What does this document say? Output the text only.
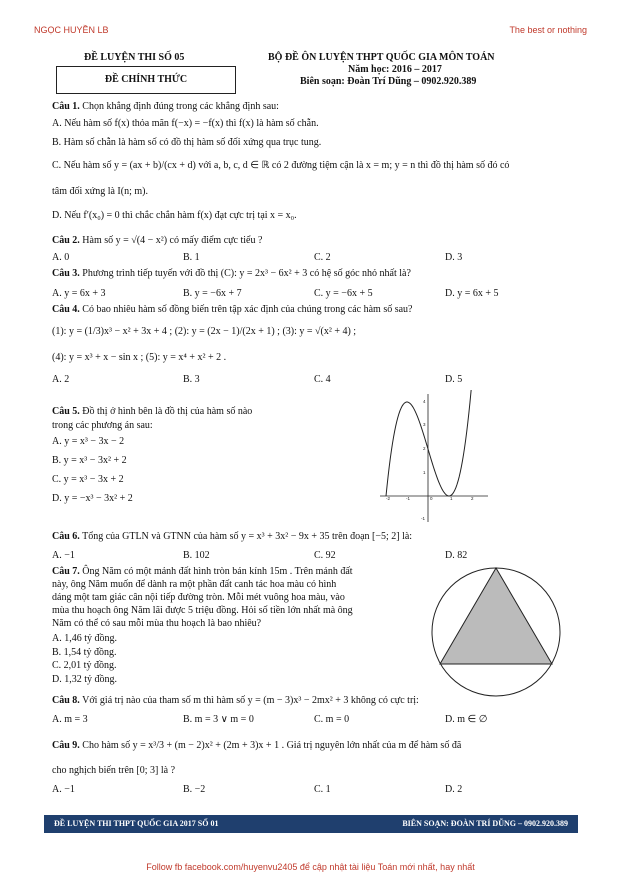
NGỌC HUYỀN LB	The best or nothing
ĐỀ LUYỆN THI SỐ 05
ĐỀ CHÍNH THỨC
BỘ ĐỀ ÔN LUYỆN THPT QUỐC GIA MÔN TOÁN
Năm học: 2016 – 2017
Biên soạn: Đoàn Trí Dũng – 0902.920.389
Câu 1. Chọn khẳng định đúng trong các khẳng định sau:
A. Nếu hàm số f(x) thỏa mãn f(−x) = −f(x) thì f(x) là hàm số chẵn.
B. Hàm số chẵn là hàm số có đồ thị hàm số đối xứng qua trục tung.
C. Nếu hàm số y = (ax + b)/(cx + d) với a, b, c, d ∈ ℝ có 2 đường tiệm cận là x = m; y = n thì đồ thị hàm số đó có
tâm đối xứng là I(n; m).
D. Nếu f′(x₀) = 0 thì chắc chắn hàm f(x) đạt cực trị tại x = x₀.
Câu 2. Hàm số y = √(4 − x²) có mấy điểm cực tiểu ?
A. 0	B. 1	C. 2	D. 3
Câu 3. Phương trình tiếp tuyến với đồ thị (C): y = 2x³ − 6x² + 3 có hệ số góc nhỏ nhất là?
A. y = 6x + 3	B. y = −6x + 7	C. y = −6x + 5	D. y = 6x + 5
Câu 4. Có bao nhiêu hàm số đồng biến trên tập xác định của chúng trong các hàm số sau?
(1): y = (1/3)x³ − x² + 3x + 4 ; (2): y = (2x − 1)/(2x + 1) ; (3): y = √(x² + 4) ;
(4): y = x³ + x − sin x ; (5): y = x⁴ + x² + 2 .
A. 2	B. 3	C. 4	D. 5
Câu 5. Đồ thị ở hình bên là đồ thị của hàm số nào
trong các phương án sau:
A. y = x³ − 3x − 2
B. y = x³ − 3x² + 2
C. y = x³ − 3x + 2
D. y = −x³ − 3x² + 2	-2	-1	0	1	2
4
3
2
1
-1
Câu 6. Tổng của GTLN và GTNN của hàm số y = x³ + 3x² − 9x + 35 trên đoạn [−5; 2] là:
A. −1	B. 102	C. 92	D. 82
Câu 7. Ông Năm có một mảnh đất hình tròn bán kính 15m . Trên mảnh đất
này, ông Năm muốn để dành ra một phần đất canh tác hoa màu có hình
dáng một tam giác cân nội tiếp đường tròn. Mỗi mét vuông hoa màu, vào
mùa thu hoạch ông Năm lãi được 5 triệu đồng. Hỏi số tiền lớn nhất mà ông
Năm có thể có sau mỗi mùa thu hoạch là bao nhiêu?
A. 1,46 tỷ đồng.
B. 1,54 tỷ đồng.
C. 2,01 tỷ đồng.
D. 1,32 tỷ đồng.
Câu 8. Với giá trị nào của tham số m thì hàm số y = (m − 3)x³ − 2mx² + 3 không có cực trị:
A. m = 3	B. m = 3 ∨ m = 0	C. m = 0	D. m ∈ ∅
Câu 9. Cho hàm số y = x³/3 + (m − 2)x² + (2m + 3)x + 1 . Giá trị nguyên lớn nhất của m để hàm số đã
cho nghịch biến trên [0; 3] là ?
A. −1	B. −2	C. 1	D. 2
ĐỀ LUYỆN THI THPT QUỐC GIA 2017 SỐ 01	BIÊN SOẠN: ĐOÀN TRÍ DŨNG – 0902.920.389
Follow fb facebook.com/huyenvu2405 để cập nhật tài liệu Toán mới nhất, hay nhất
